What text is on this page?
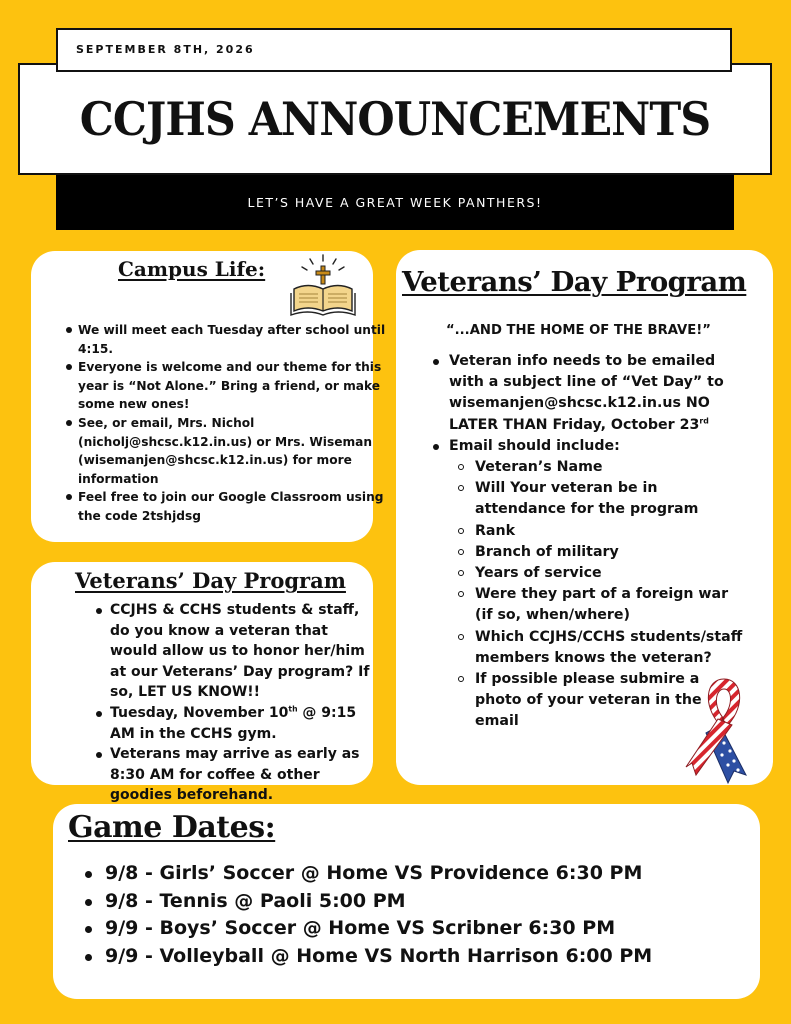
SEPTEMBER 8TH, 2026
CCJHS ANNOUNCEMENTS
LET’S HAVE A GREAT WEEK PANTHERS!
Campus Life:
We will meet each Tuesday after school until 4:15.
Everyone is welcome and our theme for this year is “Not Alone.” Bring a friend, or make some new ones!
See, or email, Mrs. Nichol (nicholj@shcsc.k12.in.us) or Mrs. Wiseman (wisemanjen@shcsc.k12.in.us) for more information
Feel free to join our Google Classroom using the code 2tshjdsg
Veterans’ Day Program
CCJHS & CCHS students & staff, do you know a veteran that would allow us to honor her/him at our Veterans’ Day program? If so, LET US KNOW!!
Tuesday, November 10th @ 9:15 AM in the CCHS gym.
Veterans may arrive as early as 8:30 AM for coffee & other goodies beforehand.
Veterans’ Day Program
“...AND THE HOME OF THE BRAVE!”
Veteran info needs to be emailed with a subject line of “Vet Day” to wisemanjen@shcsc.k12.in.us NO LATER THAN Friday, October 23rd
Email should include:
Veteran’s Name
Will Your veteran be in attendance for the program
Rank
Branch of military
Years of service
Were they part of a foreign war (if so, when/where)
Which CCJHS/CCHS students/staff members knows the veteran?
If possible please submire a photo of your veteran in the email
Game Dates:
9/8 - Girls’ Soccer @ Home VS Providence 6:30 PM
9/8 - Tennis @ Paoli 5:00 PM
9/9 - Boys’ Soccer @ Home VS Scribner 6:30 PM
9/9 - Volleyball @ Home VS North Harrison 6:00 PM
